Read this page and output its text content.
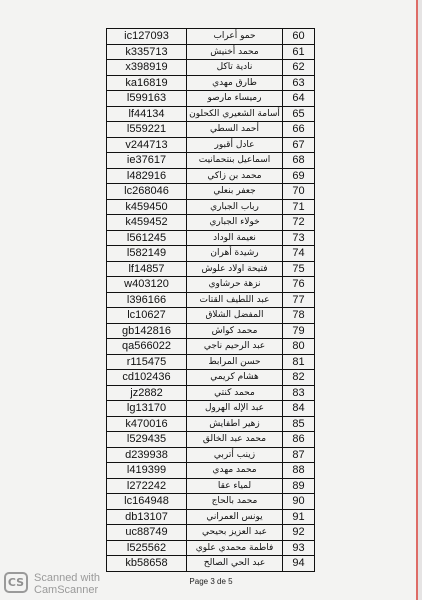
ic127093	حمو أعراب	60
k335713	محمد أخنيش	61
x398919	نادية تاكل	62
ka16819	طارق مهدي	63
l599163	رميساء مارصو	64
lf44134	أسامة الشعيري الكحلون	65
l559221	أحمد السطي	66
v244713	عادل أقبور	67
ie37617	اسماعيل بنتحمانيت	68
l482916	محمد بن زاكي	69
lc268046	جعفر بنعلي	70
k459450	رباب الجباري	71
k459452	خولاء الجباري	72
l561245	نعيمة الوداد	73
l582149	رشيدة أهران	74
lf14857	فتيحة اولاد علوش	75
w403120	نزهة حرشاوي	76
l396166	عبد اللطيف القتات	77
lc10627	المفضل الشلاق	78
gb142816	محمد كواش	79
qa566022	عبد الرحيم ناجي	80
r115475	حسن المرابط	81
cd102436	هشام كريمي	82
jz2882	محمد كنتي	83
lg13170	عبد الإله الهرول	84
k470016	زهير اطفايش	85
l529435	محمد عبد الخالق	86
d239938	زينب أتربي	87
l419399	محمد مهدي	88
l272242	لمياء عقا	89
lc164948	محمد بالحاج	90
db13107	يونس العمراني	91
uc88749	عبد العزيز بحيحي	92
l525562	فاطمة محمدي علوي	93
kb58658	عبد الحي الصالح	94
Page 3 de 5
CS Scanned with
CamScanner
